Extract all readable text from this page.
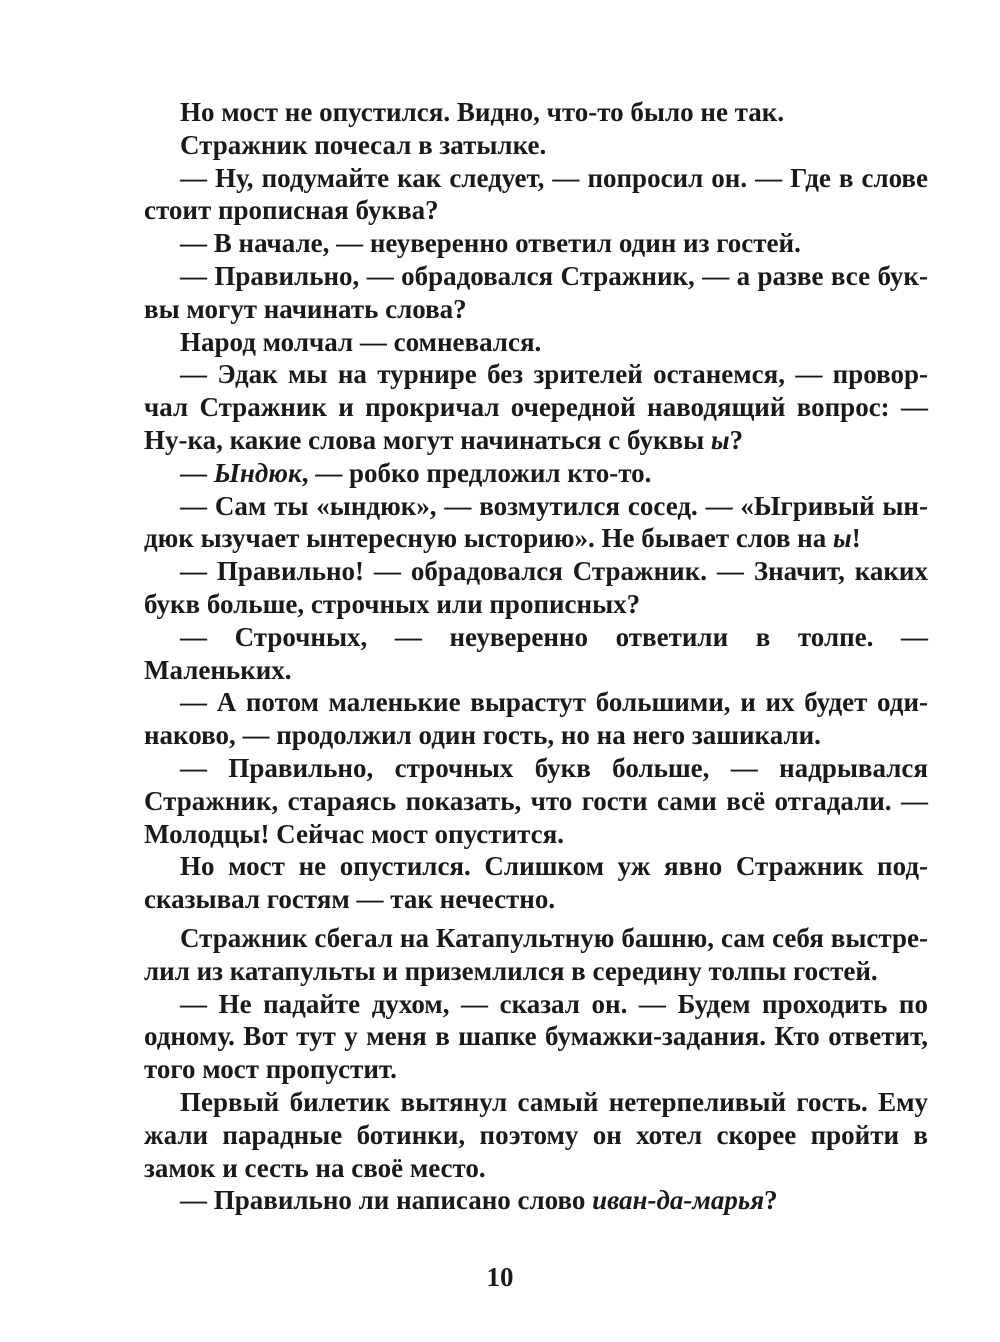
Но мост не опустился. Видно, что-то было не так.

Стражник почесал в затылке.

— Ну, подумайте как следует, — попросил он. — Где в слове стоит прописная буква?

— В начале, — неуверенно ответил один из гостей.

— Правильно, — обрадовался Стражник, — а разве все буквы могут начинать слова?

Народ молчал — сомневался.

— Эдак мы на турнире без зрителей останемся, — проворчал Стражник и прокричал очередной наводящий вопрос: — Ну-ка, какие слова могут начинаться с буквы ы?

— Ындюк, — робко предложил кто-то.

— Сам ты «ындюк», — возмутился сосед. — «Ыгривый ындюк ызучает ынтересную ысторию». Не бывает слов на ы!

— Правильно! — обрадовался Стражник. — Значит, каких букв больше, строчных или прописных?

— Строчных, — неуверенно ответили в толпе. — Маленьких.

— А потом маленькие вырастут большими, и их будет одинаково, — продолжил один гость, но на него зашикали.

— Правильно, строчных букв больше, — надрывался Стражник, стараясь показать, что гости сами всё отгадали. — Молодцы! Сейчас мост опустится.

Но мост не опустился. Слишком уж явно Стражник подсказывал гостям — так нечестно.

Стражник сбегал на Катапультную башню, сам себя выстрелил из катапульты и приземлился в середину толпы гостей.

— Не падайте духом, — сказал он. — Будем проходить по одному. Вот тут у меня в шапке бумажки-задания. Кто ответит, того мост пропустит.

Первый билетик вытянул самый нетерпеливый гость. Ему жали парадные ботинки, поэтому он хотел скорее пройти в замок и сесть на своё место.

— Правильно ли написано слово иван-да-марья?

10
